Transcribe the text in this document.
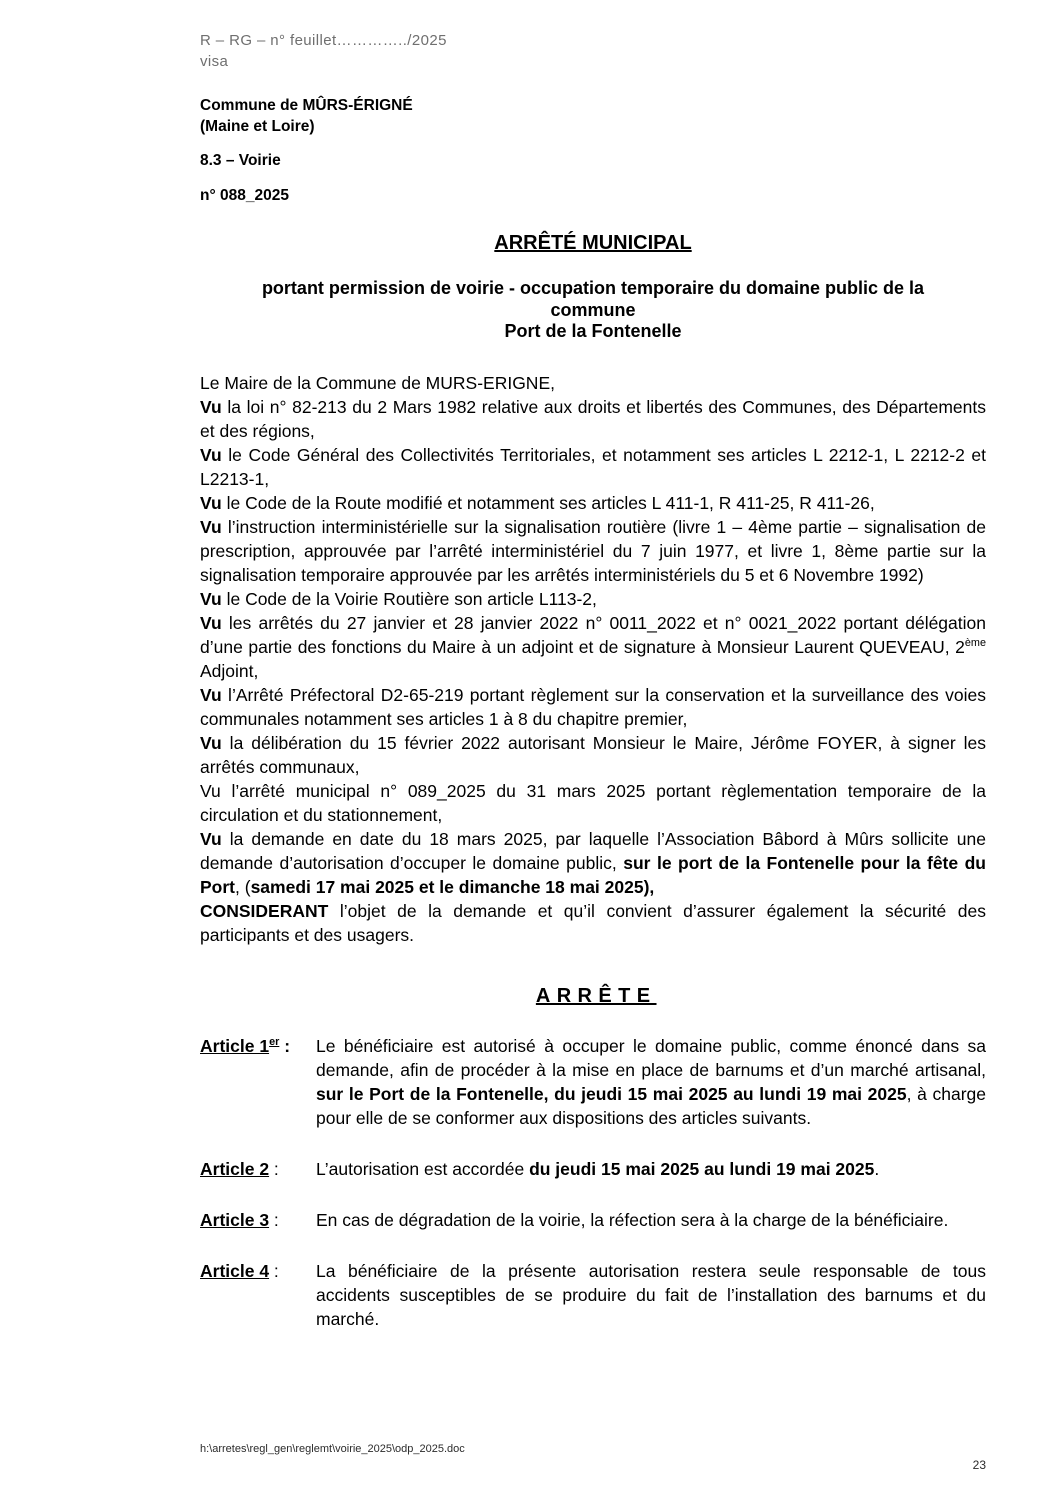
R – RG – n° feuillet…………../2025
visa
Commune de MÛRS-ÉRIGNÉ
(Maine et Loire)
8.3 – Voirie
n° 088_2025
ARRÊTÉ MUNICIPAL
portant permission de voirie - occupation temporaire du domaine public de la
commune
Port de la Fontenelle

Le Maire de la Commune de MURS-ERIGNE,

Vu la loi n° 82-213 du 2 Mars 1982 relative aux droits et libertés des Communes, des Départements et des régions,

Vu le Code Général des Collectivités Territoriales, et notamment ses articles L 2212-1, L 2212-2 et L2213-1,

Vu le Code de la Route modifié et notamment ses articles L 411-1, R 411-25, R 411-26,

Vu l’instruction interministérielle sur la signalisation routière (livre 1 – 4ème partie – signalisation de prescription, approuvée par l’arrêté interministériel du 7 juin 1977, et livre 1, 8ème partie sur la signalisation temporaire approuvée par les arrêtés interministériels du 5 et 6 Novembre 1992)

Vu le Code de la Voirie Routière son article L113-2,

Vu les arrêtés du 27 janvier et 28 janvier 2022 n° 0011_2022 et n° 0021_2022 portant délégation d’une partie des fonctions du Maire à un adjoint et de signature à Monsieur Laurent QUEVEAU, 2ème Adjoint,

Vu l’Arrêté Préfectoral D2-65-219 portant règlement sur la conservation et la surveillance des voies communales notamment ses articles 1 à 8 du chapitre premier,

Vu la délibération du 15 février 2022 autorisant Monsieur le Maire, Jérôme FOYER, à signer les arrêtés communaux,

Vu l’arrêté municipal n° 089_2025 du 31 mars 2025 portant règlementation temporaire de la circulation et du stationnement,

Vu la demande en date du 18 mars 2025, par laquelle l’Association Bâbord à Mûrs sollicite une demande d’autorisation d’occuper le domaine public, sur le port de la Fontenelle pour la fête du Port, (samedi 17 mai 2025 et le dimanche 18 mai 2025),

CONSIDERANT l’objet de la demande et qu’il convient d’assurer également la sécurité des participants et des usagers.

ARRÊTE
Article 1er :	Le bénéficiaire est autorisé à occuper le domaine public, comme énoncé dans sa demande, afin de procéder à la mise en place de barnums et d’un marché artisanal, sur le Port de la Fontenelle, du jeudi 15 mai 2025 au lundi 19 mai 2025, à charge pour elle de se conformer aux dispositions des articles suivants.
Article 2 :	L’autorisation est accordée du jeudi 15 mai 2025 au lundi 19 mai 2025.
Article 3 :	En cas de dégradation de la voirie, la réfection sera à la charge de la bénéficiaire.
Article 4 :	La bénéficiaire de la présente autorisation restera seule responsable de tous accidents susceptibles de se produire du fait de l’installation des barnums et du marché.
h:\arretes\regl_gen\reglemt\voirie_2025\odp_2025.doc
23
